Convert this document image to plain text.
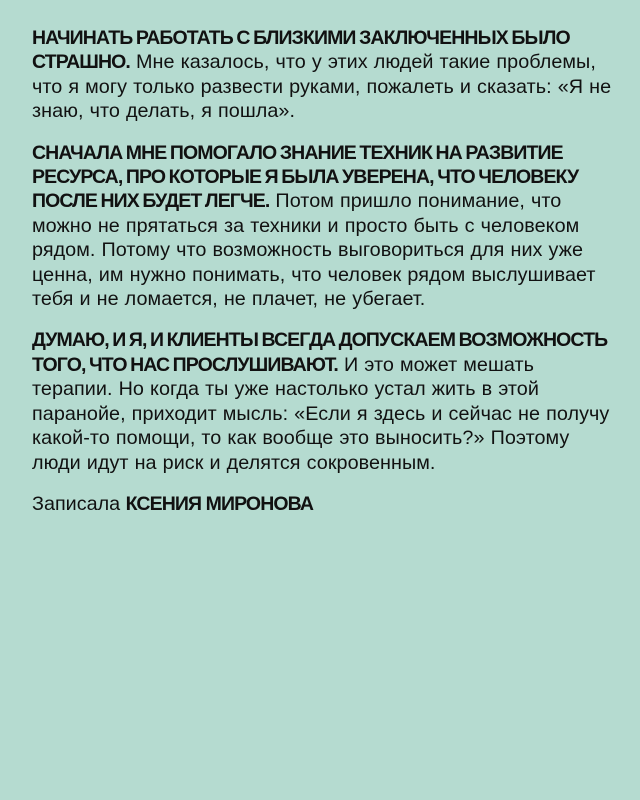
НАЧИНАТЬ РАБОТАТЬ С БЛИЗКИМИ ЗАКЛЮЧЕННЫХ БЫЛО СТРАШНО. Мне казалось, что у этих людей такие проблемы, что я могу только развести руками, пожалеть и сказать: «Я не знаю, что делать, я пошла».

СНАЧАЛА МНЕ ПОМОГАЛО ЗНАНИЕ ТЕХНИК НА РАЗВИТИЕ РЕСУРСА, ПРО КОТОРЫЕ Я БЫЛА УВЕРЕНА, ЧТО ЧЕЛОВЕКУ ПОСЛЕ НИХ БУДЕТ ЛЕГЧЕ. Потом пришло понимание, что можно не прятаться за техники и просто быть с человеком рядом. Потому что возможность выговориться для них уже ценна, им нужно понимать, что человек рядом выслушивает тебя и не ломается, не плачет, не убегает.

ДУМАЮ, И Я, И КЛИЕНТЫ ВСЕГДА ДОПУСКАЕМ ВОЗМОЖНОСТЬ ТОГО, ЧТО НАС ПРОСЛУШИВАЮТ. И это может мешать терапии. Но когда ты уже настолько устал жить в этой паранойе, приходит мысль: «Если я здесь и сейчас не получу какой-то помощи, то как вообще это выносить?» Поэтому люди идут на риск и делятся сокровенным.

Записала КСЕНИЯ МИРОНОВА
